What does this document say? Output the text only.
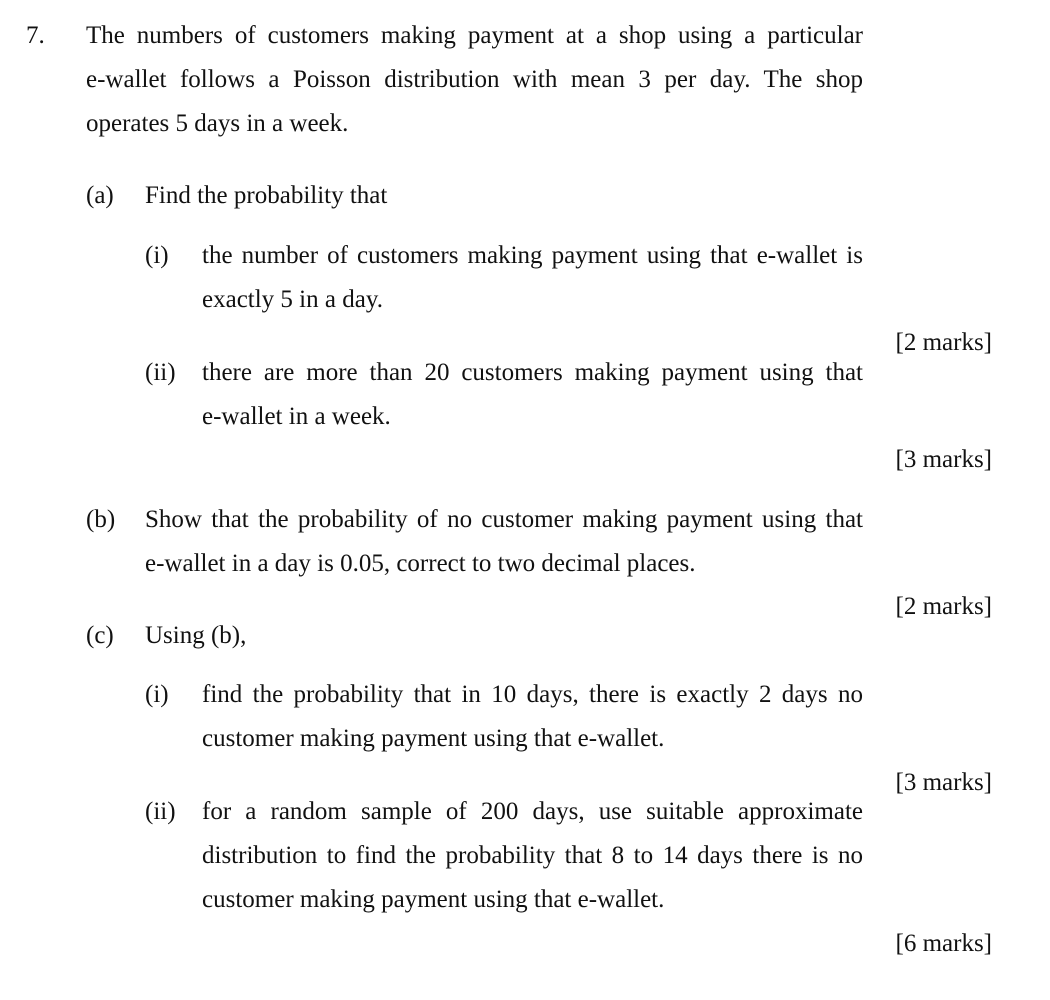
7. The numbers of customers making payment at a shop using a particular
e-wallet follows a Poisson distribution with mean 3 per day. The shop
operates 5 days in a week.
(a) Find the probability that
(i) the number of customers making payment using that e-wallet is
exactly 5 in a day.
[2 marks]
(ii) there are more than 20 customers making payment using that
e-wallet in a week.
[3 marks]
(b) Show that the probability of no customer making payment using that
e-wallet in a day is 0.05, correct to two decimal places.
[2 marks]
(c) Using (b),
(i) find the probability that in 10 days, there is exactly 2 days no
customer making payment using that e-wallet.
[3 marks]
(ii) for a random sample of 200 days, use suitable approximate
distribution to find the probability that 8 to 14 days there is no
customer making payment using that e-wallet.
[6 marks]
